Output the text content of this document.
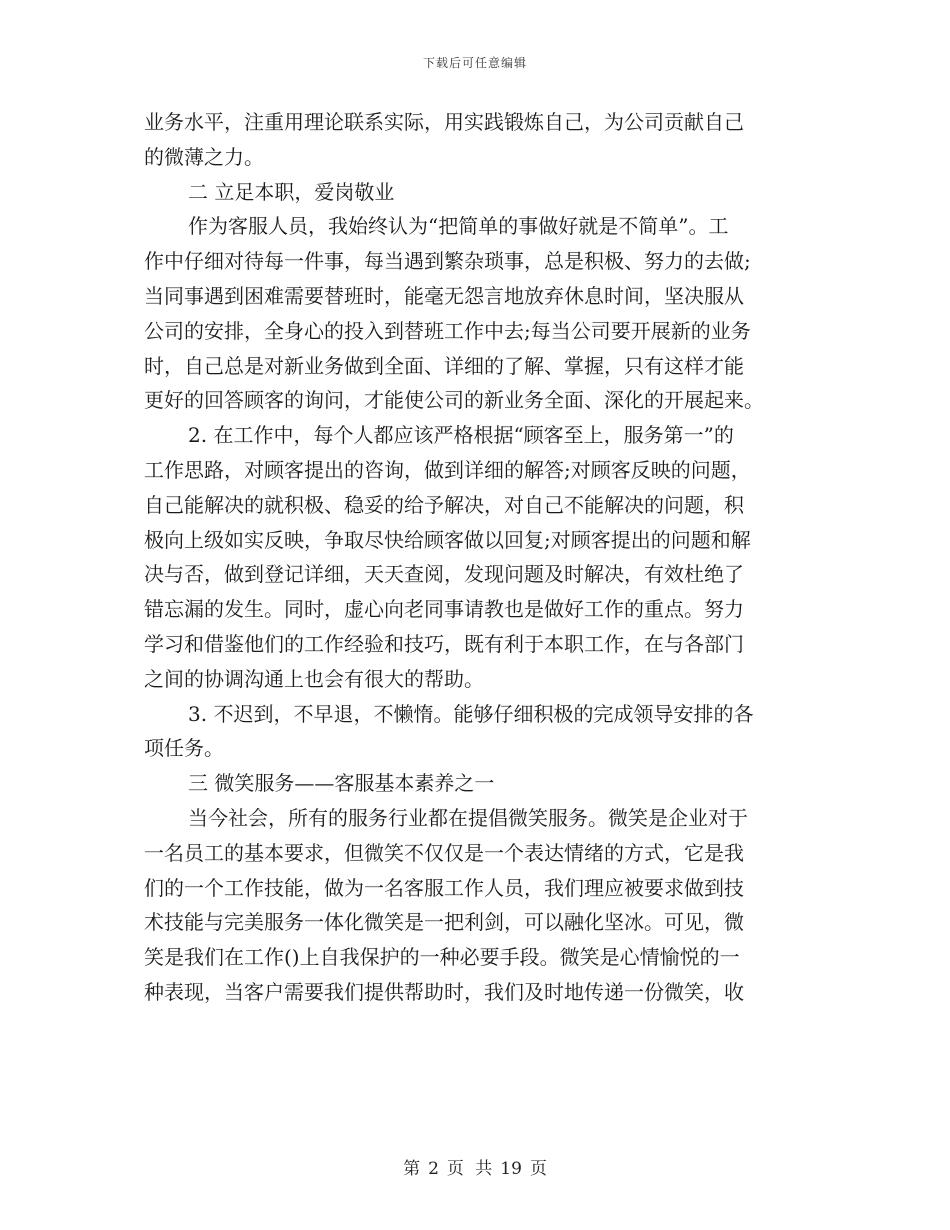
下载后可任意编辑
业务水平，注重用理论联系实际，用实践锻炼自己，为公司贡献自己
的微薄之力。
二 立足本职，爱岗敬业
作为客服人员，我始终认为“把简单的事做好就是不简单”。工
作中仔细对待每一件事，每当遇到繁杂琐事，总是积极、努力的去做;
当同事遇到困难需要替班时，能毫无怨言地放弃休息时间，坚决服从
公司的安排，全身心的投入到替班工作中去;每当公司要开展新的业务
时，自己总是对新业务做到全面、详细的了解、掌握，只有这样才能
更好的回答顾客的询问，才能使公司的新业务全面、深化的开展起来。
2. 在工作中，每个人都应该严格根据“顾客至上，服务第一”的
工作思路，对顾客提出的咨询，做到详细的解答;对顾客反映的问题，
自己能解决的就积极、稳妥的给予解决，对自己不能解决的问题，积
极向上级如实反映，争取尽快给顾客做以回复;对顾客提出的问题和解
决与否，做到登记详细，天天查阅，发现问题及时解决，有效杜绝了
错忘漏的发生。同时，虚心向老同事请教也是做好工作的重点。努力
学习和借鉴他们的工作经验和技巧，既有利于本职工作，在与各部门
之间的协调沟通上也会有很大的帮助。
3. 不迟到，不早退，不懒惰。能够仔细积极的完成领导安排的各
项任务。
三 微笑服务——客服基本素养之一
当今社会，所有的服务行业都在提倡微笑服务。微笑是企业对于
一名员工的基本要求，但微笑不仅仅是一个表达情绪的方式，它是我
们的一个工作技能，做为一名客服工作人员，我们理应被要求做到技
术技能与完美服务一体化微笑是一把利剑，可以融化坚冰。可见，微
笑是我们在工作()上自我保护的一种必要手段。微笑是心情愉悦的一
种表现，当客户需要我们提供帮助时，我们及时地传递一份微笑，收
第 2 页 共 19 页
